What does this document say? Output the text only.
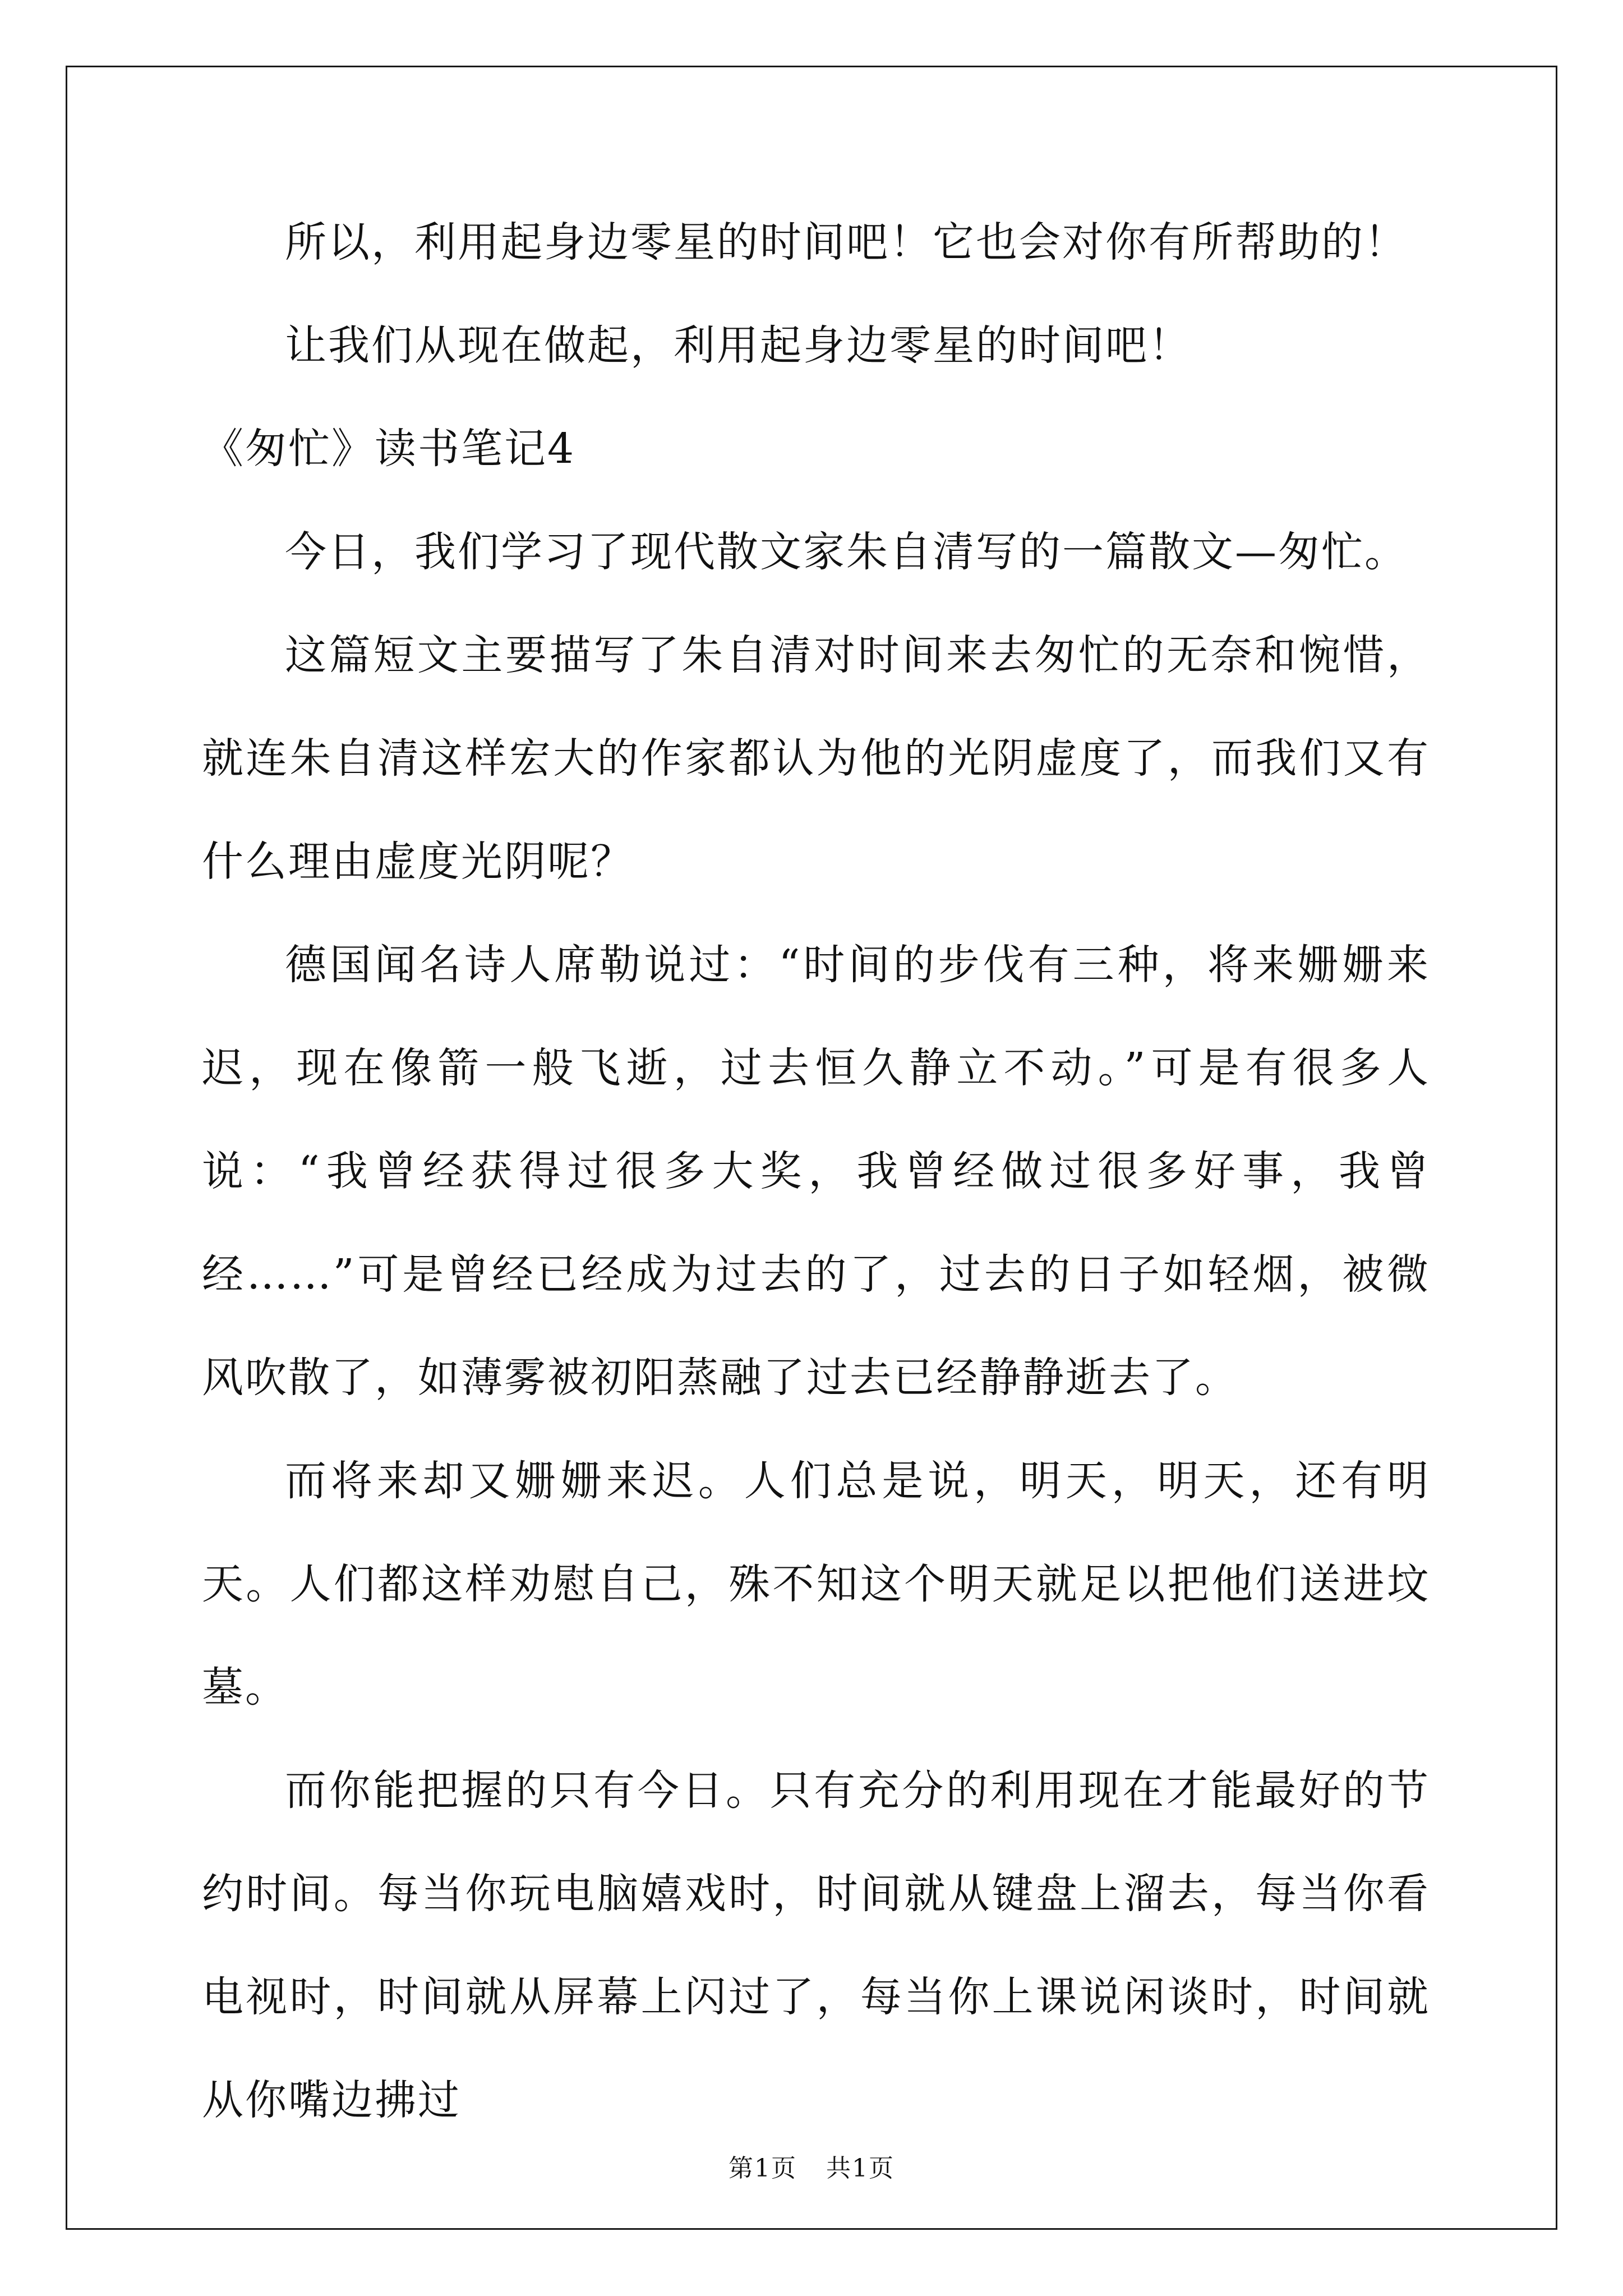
所以，利用起身边零星的时间吧！它也会对你有所帮助的！

让我们从现在做起，利用起身边零星的时间吧！

《匆忙》读书笔记4

今日，我们学习了现代散文家朱自清写的一篇散文—匆忙。

这篇短文主要描写了朱自清对时间来去匆忙的无奈和惋惜，就连朱自清这样宏大的作家都认为他的光阴虚度了，而我们又有什么理由虚度光阴呢？

德国闻名诗人席勒说过：“时间的步伐有三种，将来姗姗来迟，现在像箭一般飞逝，过去恒久静立不动。”可是有很多人说：“我曾经获得过很多大奖，我曾经做过很多好事，我曾经……”可是曾经已经成为过去的了，过去的日子如轻烟，被微风吹散了，如薄雾被初阳蒸融了过去已经静静逝去了。

而将来却又姗姗来迟。人们总是说，明天，明天，还有明天。人们都这样劝慰自己，殊不知这个明天就足以把他们送进坟墓。

而你能把握的只有今日。只有充分的利用现在才能最好的节约时间。每当你玩电脑嬉戏时，时间就从键盘上溜去，每当你看电视时，时间就从屏幕上闪过了，每当你上课说闲谈时，时间就从你嘴边拂过

第1页 共1页
